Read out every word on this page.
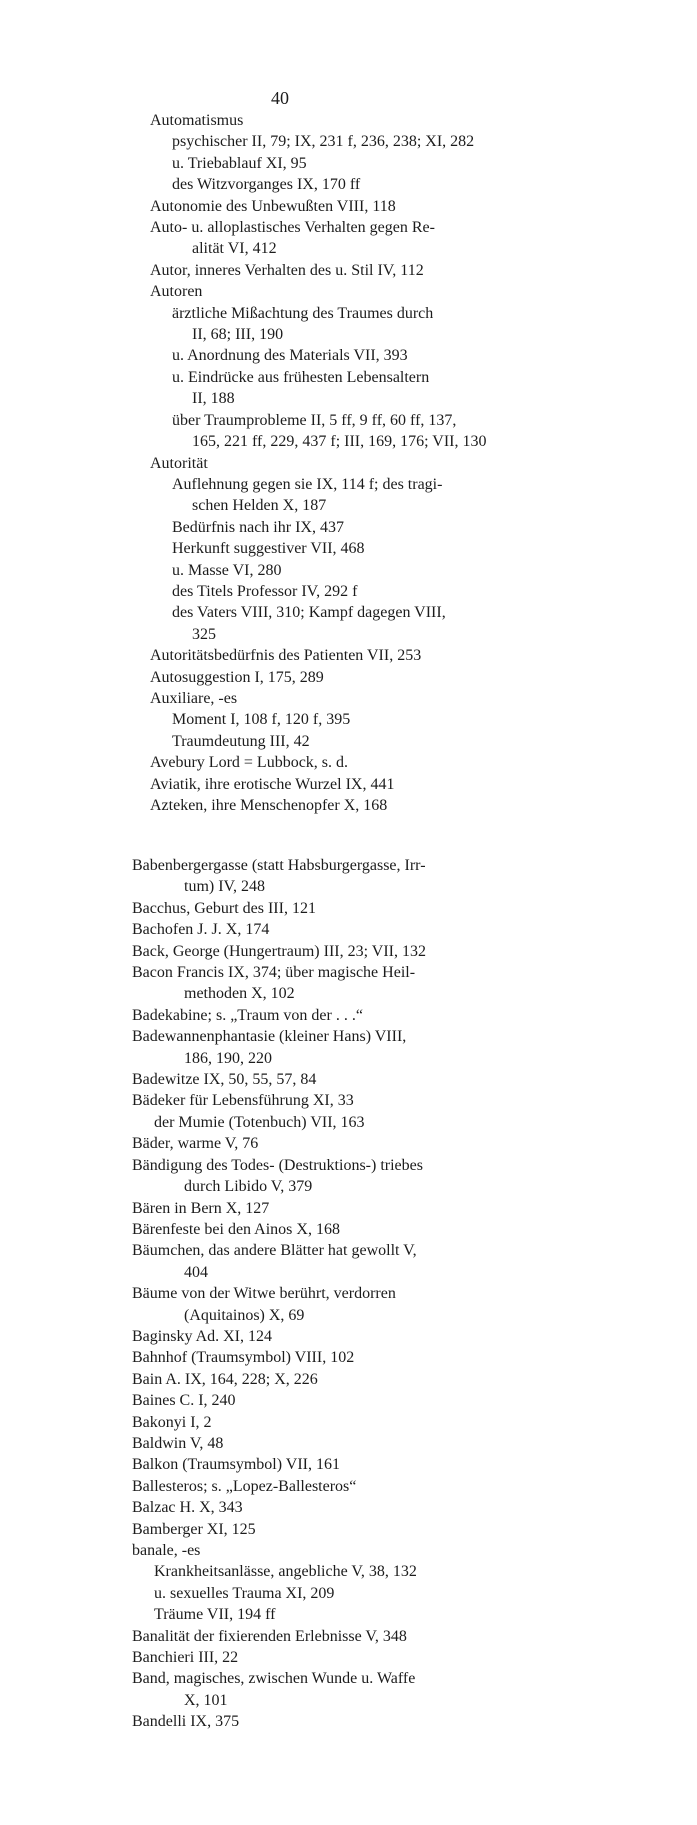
40
Automatismus
psychischer II, 79; IX, 231 f, 236, 238; XI, 282
u. Triebablauf XI, 95
des Witzvorganges IX, 170 ff
Autonomie des Unbewußten VIII, 118
Auto- u. alloplastisches Verhalten gegen Re-
alität VI, 412
Autor, inneres Verhalten des u. Stil IV, 112
Autoren
ärztliche Mißachtung des Traumes durch
II, 68; III, 190
u. Anordnung des Materials VII, 393
u. Eindrücke aus frühesten Lebensaltern
II, 188
über Traumprobleme II, 5 ff, 9 ff, 60 ff, 137,
165, 221 ff, 229, 437 f; III, 169, 176; VII, 130
Autorität
Auflehnung gegen sie IX, 114 f; des tragi-
schen Helden X, 187
Bedürfnis nach ihr IX, 437
Herkunft suggestiver VII, 468
u. Masse VI, 280
des Titels Professor IV, 292 f
des Vaters VIII, 310; Kampf dagegen VIII,
325
Autoritätsbedürfnis des Patienten VII, 253
Autosuggestion I, 175, 289
Auxiliare, -es
Moment I, 108 f, 120 f, 395
Traumdeutung III, 42
Avebury Lord = Lubbock, s. d.
Aviatik, ihre erotische Wurzel IX, 441
Azteken, ihre Menschenopfer X, 168
Babenbergergasse (statt Habsburgergasse, Irr-
tum) IV, 248
Bacchus, Geburt des III, 121
Bachofen J. J. X, 174
Back, George (Hungertraum) III, 23; VII, 132
Bacon Francis IX, 374; über magische Heil-
methoden X, 102
Badekabine; s. „Traum von der . . .“
Badewannenphantasie (kleiner Hans) VIII,
186, 190, 220
Badewitze IX, 50, 55, 57, 84
Bädeker für Lebensführung XI, 33
der Mumie (Totenbuch) VII, 163
Bäder, warme V, 76
Bändigung des Todes- (Destruktions-) triebes
durch Libido V, 379
Bären in Bern X, 127
Bärenfeste bei den Ainos X, 168
Bäumchen, das andere Blätter hat gewollt V,
404
Bäume von der Witwe berührt, verdorren
(Aquitainos) X, 69
Baginsky Ad. XI, 124
Bahnhof (Traumsymbol) VIII, 102
Bain A. IX, 164, 228; X, 226
Baines C. I, 240
Bakonyi I, 2
Baldwin V, 48
Balkon (Traumsymbol) VII, 161
Ballesteros; s. „Lopez-Ballesteros“
Balzac H. X, 343
Bamberger XI, 125
banale, -es
Krankheitsanlässe, angebliche V, 38, 132
u. sexuelles Trauma XI, 209
Träume VII, 194 ff
Banalität der fixierenden Erlebnisse V, 348
Banchieri III, 22
Band, magisches, zwischen Wunde u. Waffe
X, 101
Bandelli IX, 375
